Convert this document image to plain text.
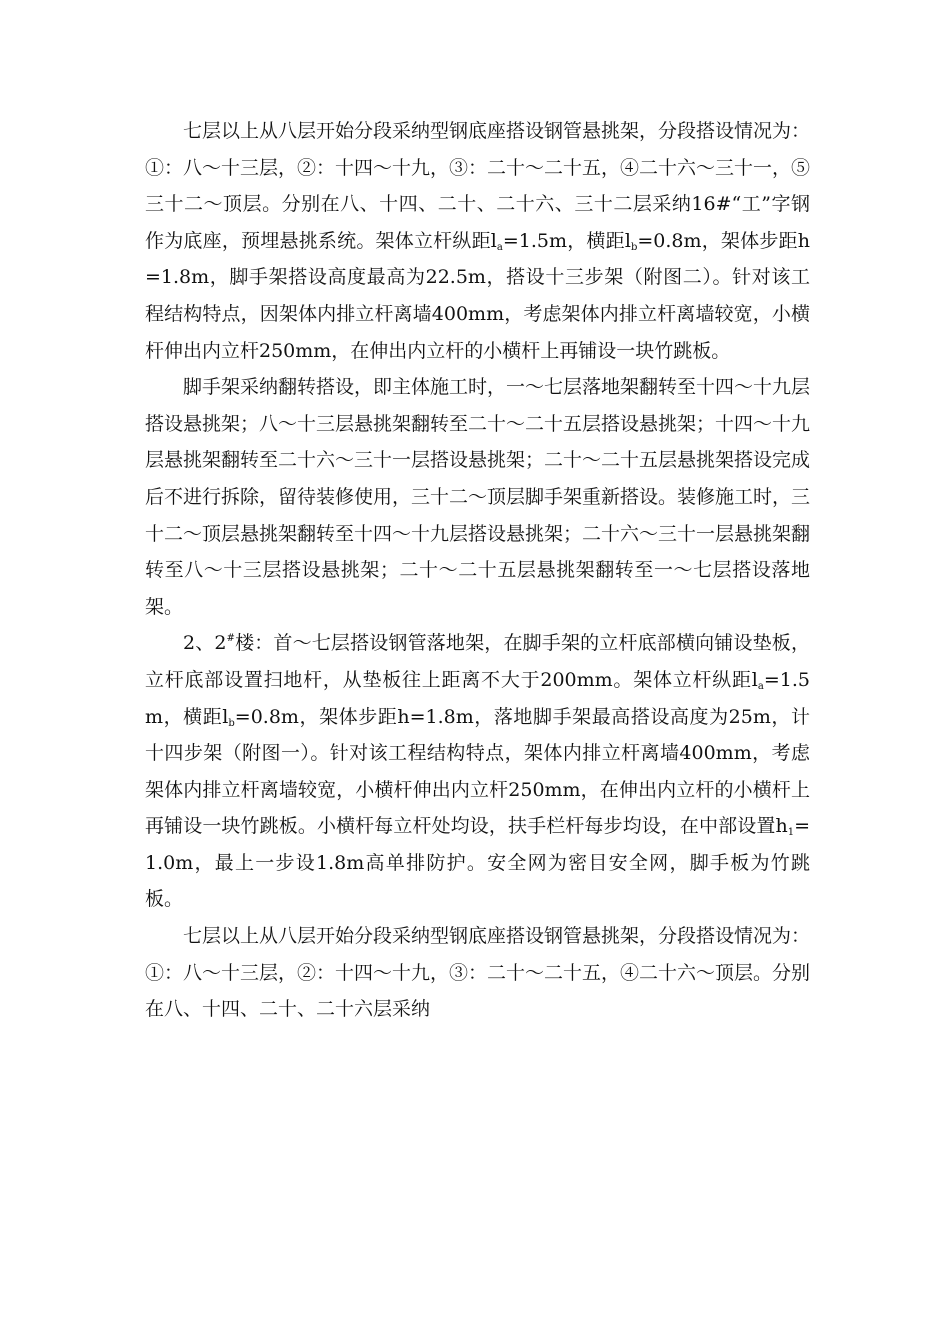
七层以上从八层开始分段采纳型钢底座搭设钢管悬挑架，分段搭设情况为：①：八～十三层，②：十四～十九，③：二十～二十五，④二十六～三十一，⑤三十二～顶层。分别在八、十四、二十、二十六、三十二层采纳16#“工”字钢作为底座，预埋悬挑系统。架体立杆纵距$l_a=1.5m$，横距$l_b=0.8m$，架体步距h=1.8m，脚手架搭设高度最高为22.5m，搭设十三步架（附图二）。针对该工程结构特点，因架体内排立杆离墙400mm，考虑架体内排立杆离墙较宽，小横杆伸出内立杆250mm，在伸出内立杆的小横杆上再铺设一块竹跳板。

脚手架采纳翻转搭设，即主体施工时，一～七层落地架翻转至十四～十九层搭设悬挑架；八～十三层悬挑架翻转至二十～二十五层搭设悬挑架；十四～十九层悬挑架翻转至二十六～三十一层搭设悬挑架；二十～二十五层悬挑架搭设完成后不进行拆除，留待装修使用，三十二～顶层脚手架重新搭设。装修施工时，三十二～顶层悬挑架翻转至十四～十九层搭设悬挑架；二十六～三十一层悬挑架翻转至八～十三层搭设悬挑架；二十～二十五层悬挑架翻转至一～七层搭设落地架。

2、2#楼：首～七层搭设钢管落地架，在脚手架的立杆底部横向铺设垫板，立杆底部设置扫地杆，从垫板往上距离不大于200mm。架体立杆纵距$l_a=1.5m$，横距$l_b=0.8m$，架体步距h=1.8m，落地脚手架最高搭设高度为25m，计十四步架（附图一）。针对该工程结构特点，架体内排立杆离墙400mm，考虑架体内排立杆离墙较宽，小横杆伸出内立杆250mm，在伸出内立杆的小横杆上再铺设一块竹跳板。小横杆每立杆处均设，扶手栏杆每步均设，在中部设置$h_1=1.0m$，最上一步设1.8m高单排防护。安全网为密目安全网，脚手板为竹跳板。

七层以上从八层开始分段采纳型钢底座搭设钢管悬挑架，分段搭设情况为：①：八～十三层，②：十四～十九，③：二十～二十五，④二十六～顶层。分别在八、十四、二十、二十六层采纳
